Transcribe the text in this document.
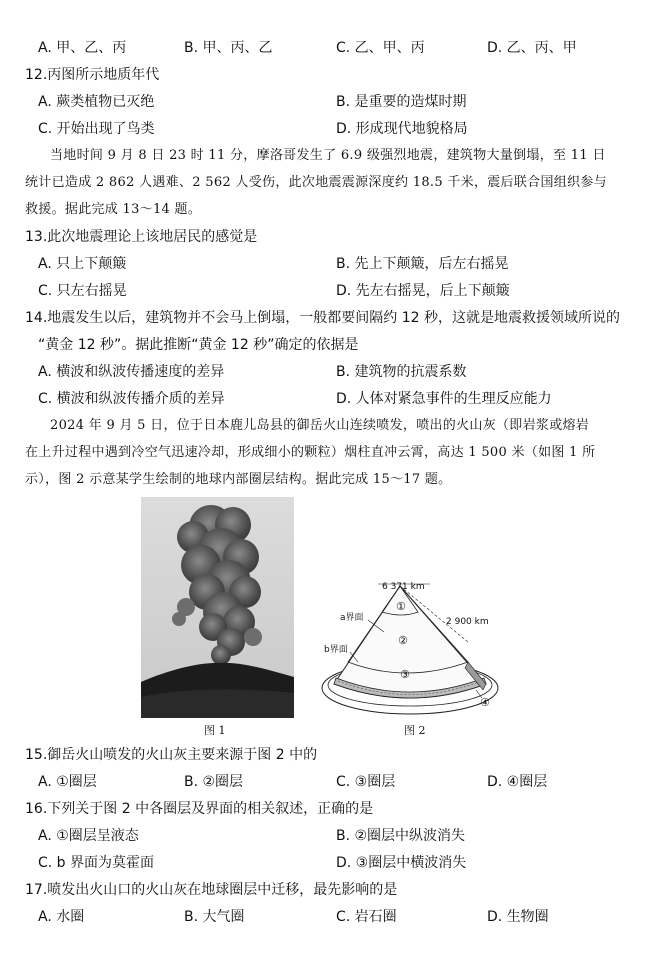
A. 甲、乙、丙	B. 甲、丙、乙	C. 乙、甲、丙	D. 乙、丙、甲
12.丙图所示地质年代
A. 蕨类植物已灭绝	B. 是重要的造煤时期
C. 开始出现了鸟类	D. 形成现代地貌格局
当地时间 9 月 8 日 23 时 11 分，摩洛哥发生了 6.9 级强烈地震，建筑物大量倒塌，至 11 日
统计已造成 2 862 人遇难、2 562 人受伤，此次地震震源深度约 18.5 千米，震后联合国组织参与
救援。据此完成 13～14 题。
13.此次地震理论上该地居民的感觉是
A. 只上下颠簸	B. 先上下颠簸，后左右摇晃
C. 只左右摇晃	D. 先左右摇晃，后上下颠簸
14.地震发生以后，建筑物并不会马上倒塌，一般都要间隔约 12 秒，这就是地震救援领域所说的
“黄金 12 秒”。据此推断“黄金 12 秒”确定的依据是
A. 横波和纵波传播速度的差异	B. 建筑物的抗震系数
C. 横波和纵波传播介质的差异	D. 人体对紧急事件的生理反应能力
2024 年 9 月 5 日，位于日本鹿儿岛县的御岳火山连续喷发，喷出的火山灰（即岩浆或熔岩
在上升过程中遇到冷空气迅速冷却，形成细小的颗粒）烟柱直冲云霄，高达 1 500 米（如图 1 所
示），图 2 示意某学生绘制的地球内部圈层结构。据此完成 15～17 题。
图 1
6 371 km
2 900 km
a界面
b界面
①
②
③
④
图 2
15.御岳火山喷发的火山灰主要来源于图 2 中的
A. ①圈层	B. ②圈层	C. ③圈层	D. ④圈层
16.下列关于图 2 中各圈层及界面的相关叙述，正确的是
A. ①圈层呈液态	B. ②圈层中纵波消失
C. b 界面为莫霍面	D. ③圈层中横波消失
17.喷发出火山口的火山灰在地球圈层中迁移，最先影响的是
A. 水圈	B. 大气圈	C. 岩石圈	D. 生物圈
